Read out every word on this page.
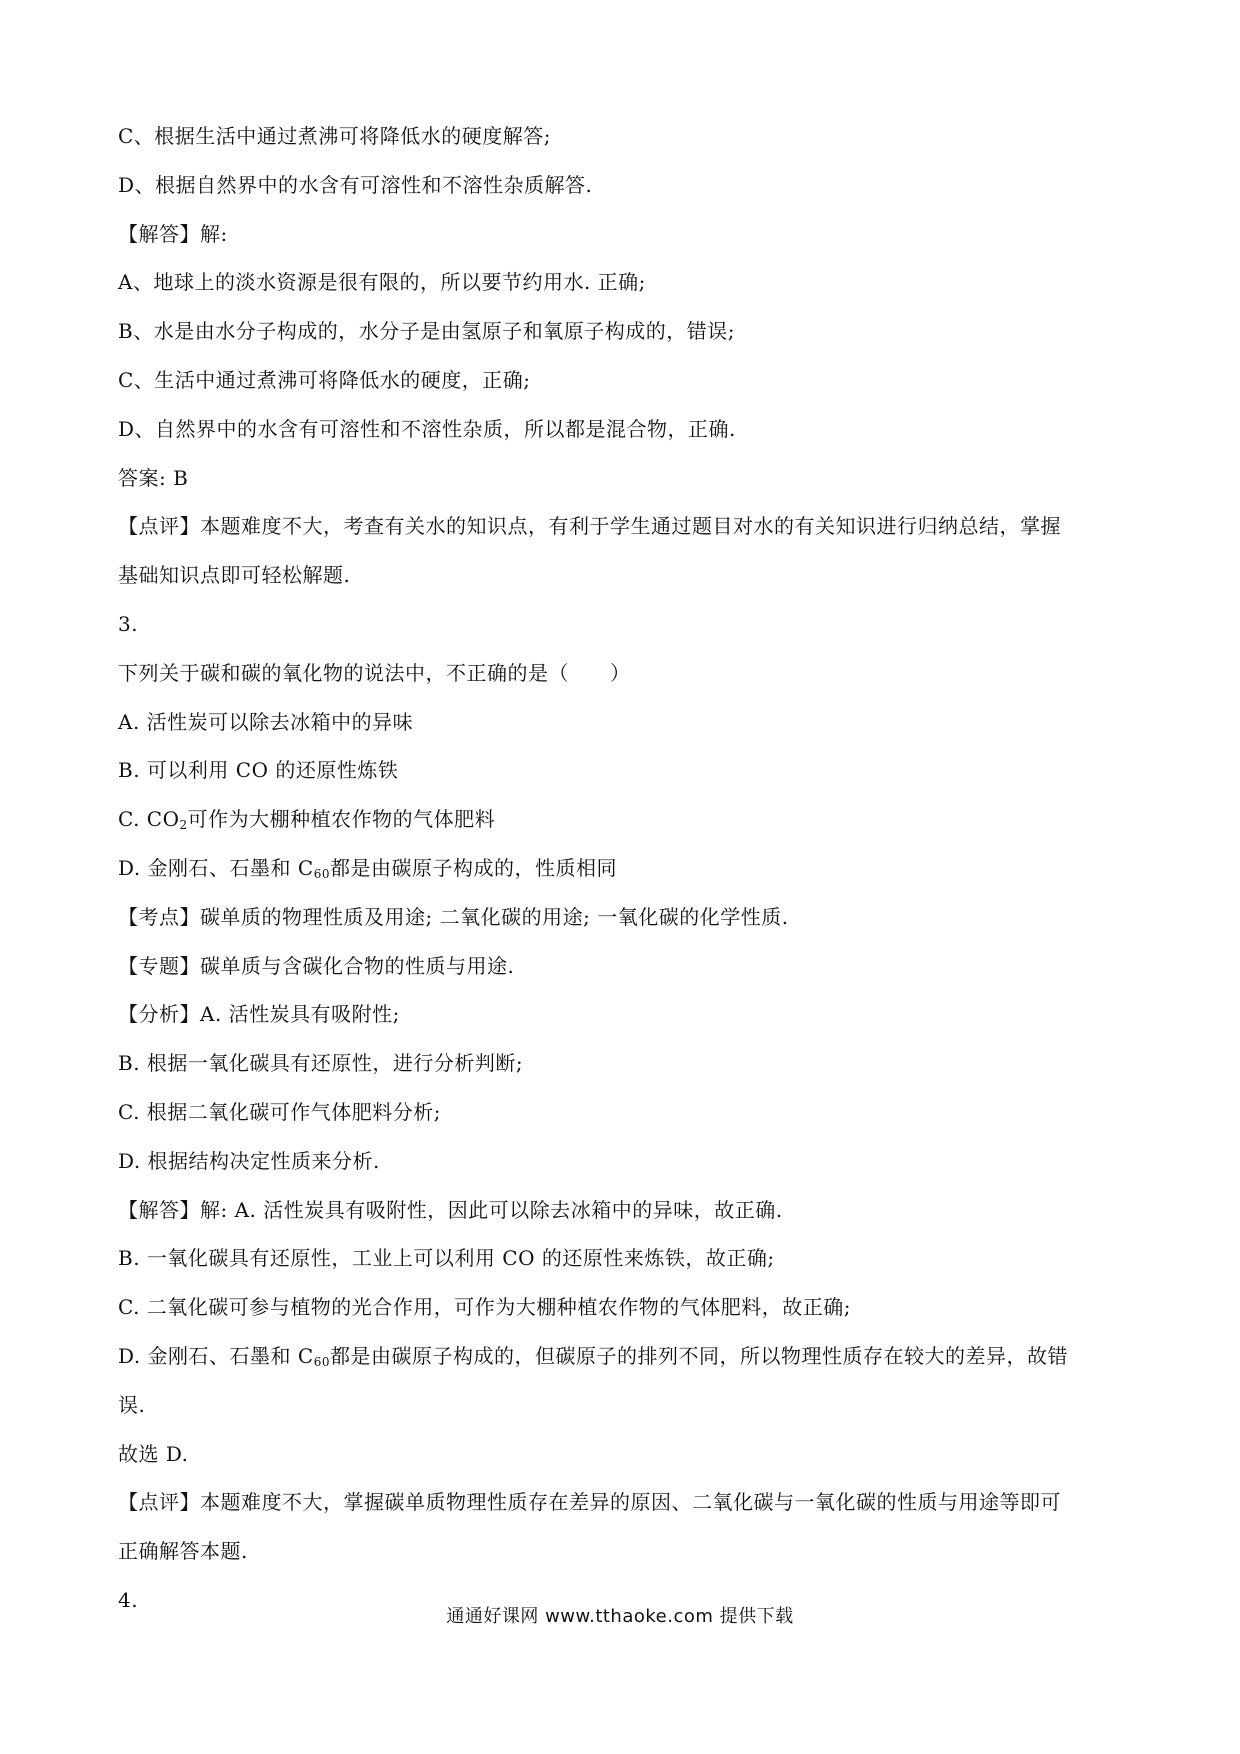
C、根据生活中通过煮沸可将降低水的硬度解答;
D、根据自然界中的水含有可溶性和不溶性杂质解答.
【解答】解:
A、地球上的淡水资源是很有限的，所以要节约用水. 正确;
B、水是由水分子构成的，水分子是由氢原子和氧原子构成的，错误;
C、生活中通过煮沸可将降低水的硬度，正确;
D、自然界中的水含有可溶性和不溶性杂质，所以都是混合物，正确.
答案: B
【点评】本题难度不大，考查有关水的知识点，有利于学生通过题目对水的有关知识进行归纳总结，掌握
基础知识点即可轻松解题.
3.
下列关于碳和碳的氧化物的说法中，不正确的是（　　）
A. 活性炭可以除去冰箱中的异味
B. 可以利用 CO 的还原性炼铁
C. $CO_2$可作为大棚种植农作物的气体肥料
D. 金刚石、石墨和 $C_{60}$都是由碳原子构成的，性质相同
【考点】碳单质的物理性质及用途; 二氧化碳的用途; 一氧化碳的化学性质.
【专题】碳单质与含碳化合物的性质与用途.
【分析】A. 活性炭具有吸附性;
B. 根据一氧化碳具有还原性，进行分析判断;
C. 根据二氧化碳可作气体肥料分析;
D. 根据结构决定性质来分析.
【解答】解: A. 活性炭具有吸附性，因此可以除去冰箱中的异味，故正确.
B. 一氧化碳具有还原性，工业上可以利用 CO 的还原性来炼铁，故正确;
C. 二氧化碳可参与植物的光合作用，可作为大棚种植农作物的气体肥料，故正确;
D. 金刚石、石墨和 $C_{60}$都是由碳原子构成的，但碳原子的排列不同，所以物理性质存在较大的差异，故错
误.
故选 D.
【点评】本题难度不大，掌握碳单质物理性质存在差异的原因、二氧化碳与一氧化碳的性质与用途等即可
正确解答本题.
4.
通通好课网 www.tthaoke.com 提供下载
